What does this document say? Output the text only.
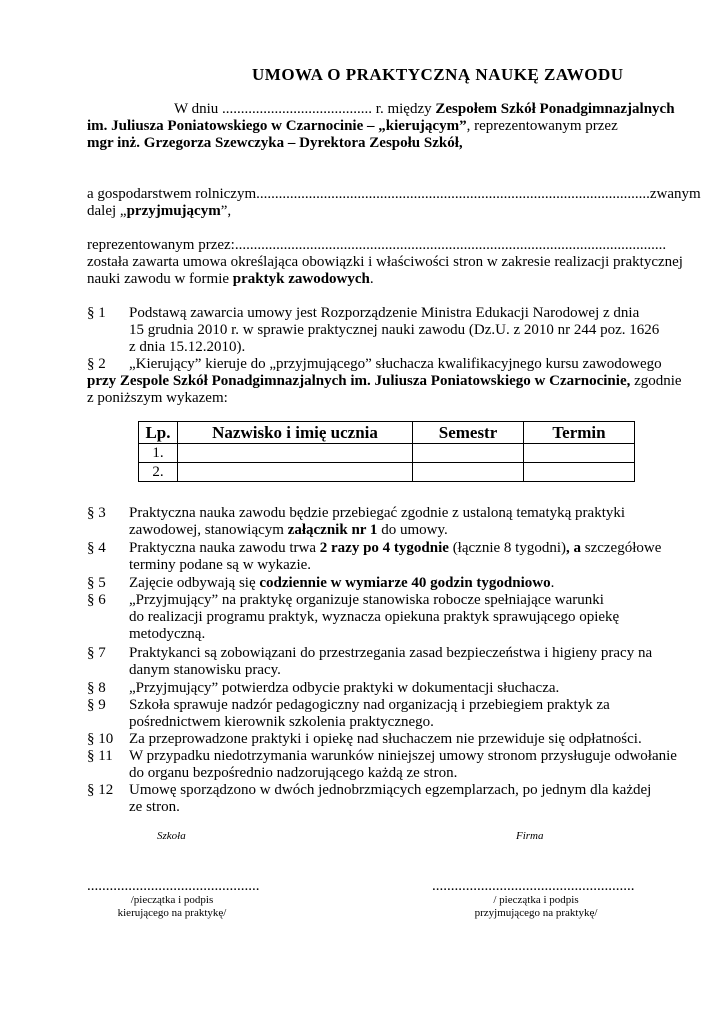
UMOWA O PRAKTYCZNĄ NAUKĘ ZAWODU
W dniu ........................................ r. między Zespołem Szkół Ponadgimnazjalnych
im. Juliusza Poniatowskiego w Czarnocinie – „kierującym”, reprezentowanym przez
mgr inż. Grzegorza Szewczyka – Dyrektora Zespołu Szkół,
a gospodarstwem rolniczym.........................................................................................................zwanym
dalej „przyjmującym”,
reprezentowanym przez:...................................................................................................................
została zawarta umowa określająca obowiązki i właściwości stron w zakresie realizacji praktycznej
nauki zawodu w formie praktyk zawodowych.
§ 1 Podstawą zawarcia umowy jest Rozporządzenie Ministra Edukacji Narodowej z dnia
15 grudnia 2010 r. w sprawie praktycznej nauki zawodu (Dz.U. z 2010 nr 244 poz. 1626
z dnia 15.12.2010).
§ 2 „Kierujący” kieruje do „przyjmującego” słuchacza kwalifikacyjnego kursu zawodowego
przy Zespole Szkół Ponadgimnazjalnych im. Juliusza Poniatowskiego w Czarnocinie, zgodnie
z poniższym wykazem:
Lp.	Nazwisko i imię ucznia	Semestr	Termin
1.			
2.			
§ 3 Praktyczna nauka zawodu będzie przebiegać zgodnie z ustaloną tematyką praktyki
zawodowej, stanowiącym załącznik nr 1 do umowy.
§ 4 Praktyczna nauka zawodu trwa 2 razy po 4 tygodnie (łącznie 8 tygodni), a szczegółowe
terminy podane są w wykazie.
§ 5 Zajęcie odbywają się codziennie w wymiarze 40 godzin tygodniowo.
§ 6 „Przyjmujący” na praktykę organizuje stanowiska robocze spełniające warunki
do realizacji programu praktyk, wyznacza opiekuna praktyk sprawującego opiekę
metodyczną.
§ 7 Praktykanci są zobowiązani do przestrzegania zasad bezpieczeństwa i higieny pracy na
danym stanowisku pracy.
§ 8 „Przyjmujący” potwierdza odbycie praktyki w dokumentacji słuchacza.
§ 9 Szkoła sprawuje nadzór pedagogiczny nad organizacją i przebiegiem praktyk za
pośrednictwem kierownik szkolenia praktycznego.
§ 10 Za przeprowadzone praktyki i opiekę nad słuchaczem nie przewiduje się odpłatności.
§ 11 W przypadku niedotrzymania warunków niniejszej umowy stronom przysługuje odwołanie
do organu bezpośrednio nadzorującego każdą ze stron.
§ 12 Umowę sporządzono w dwóch jednobrzmiących egzemplarzach, po jednym dla każdej
ze stron.
Szkoła	Firma
..............................................	......................................................
/pieczątka i podpis
kierującego na praktykę/
/ pieczątka i podpis
przyjmującego na praktykę/
